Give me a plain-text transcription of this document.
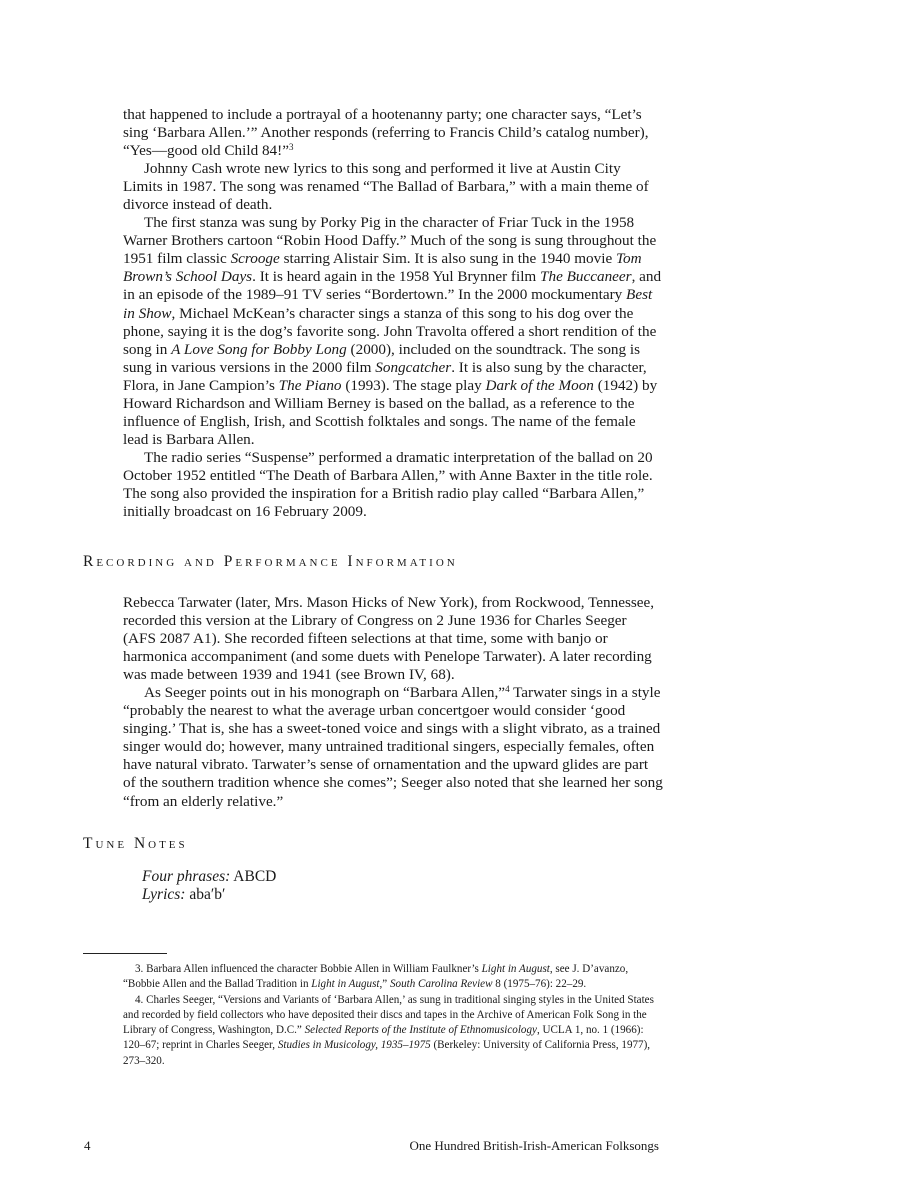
that happened to include a portrayal of a hootenanny party; one character says, “Let’s sing ‘Barbara Allen.’” Another responds (referring to Francis Child’s catalog number), “Yes—good old Child 84!”$^3$

Johnny Cash wrote new lyrics to this song and performed it live at Austin City Limits in 1987. The song was renamed “The Ballad of Barbara,” with a main theme of divorce instead of death.

The first stanza was sung by Porky Pig in the character of Friar Tuck in the 1958 Warner Brothers cartoon “Robin Hood Daffy.” Much of the song is sung throughout the 1951 film classic Scrooge starring Alistair Sim. It is also sung in the 1940 movie Tom Brown’s School Days. It is heard again in the 1958 Yul Brynner film The Buccaneer, and in an episode of the 1989–91 TV series “Bordertown.” In the 2000 mockumentary Best in Show, Michael McKean’s character sings a stanza of this song to his dog over the phone, saying it is the dog’s favorite song. John Travolta offered a short rendition of the song in A Love Song for Bobby Long (2000), included on the soundtrack. The song is sung in various versions in the 2000 film Songcatcher. It is also sung by the character, Flora, in Jane Campion’s The Piano (1993). The stage play Dark of the Moon (1942) by Howard Richardson and William Berney is based on the ballad, as a reference to the influence of English, Irish, and Scottish folktales and songs. The name of the female lead is Barbara Allen.

The radio series “Suspense” performed a dramatic interpretation of the ballad on 20 October 1952 entitled “The Death of Barbara Allen,” with Anne Baxter in the title role. The song also provided the inspiration for a British radio play called “Barbara Allen,” initially broadcast on 16 February 2009.

Recording and Performance Information

Rebecca Tarwater (later, Mrs. Mason Hicks of New York), from Rockwood, Tennessee, recorded this version at the Library of Congress on 2 June 1936 for Charles Seeger (AFS 2087 A1). She recorded fifteen selections at that time, some with banjo or harmonica accompaniment (and some duets with Penelope Tarwater). A later recording was made between 1939 and 1941 (see Brown IV, 68).

As Seeger points out in his monograph on “Barbara Allen,”$^4$ Tarwater sings in a style “probably the nearest to what the average urban concertgoer would consider ‘good singing.’ That is, she has a sweet-toned voice and sings with a slight vibrato, as a trained singer would do; however, many untrained traditional singers, especially females, often have natural vibrato. Tarwater’s sense of ornamentation and the upward glides are part of the southern tradition whence she comes”; Seeger also noted that she learned her song “from an elderly relative.”

Tune Notes
Four phrases: ABCD
Lyrics: aba′b′

3. Barbara Allen influenced the character Bobbie Allen in William Faulkner’s Light in August, see J. D’avanzo, “Bobbie Allen and the Ballad Tradition in Light in August,” South Carolina Review 8 (1975–76): 22–29.

4. Charles Seeger, “Versions and Variants of ‘Barbara Allen,’ as sung in traditional singing styles in the United States and recorded by field collectors who have deposited their discs and tapes in the Archive of American Folk Song in the Library of Congress, Washington, D.C.” Selected Reports of the Institute of Ethnomusicology, UCLA 1, no. 1 (1966): 120–67; reprint in Charles Seeger, Studies in Musicology, 1935–1975 (Berkeley: University of California Press, 1977), 273–320.

4	One Hundred British-Irish-American Folksongs
